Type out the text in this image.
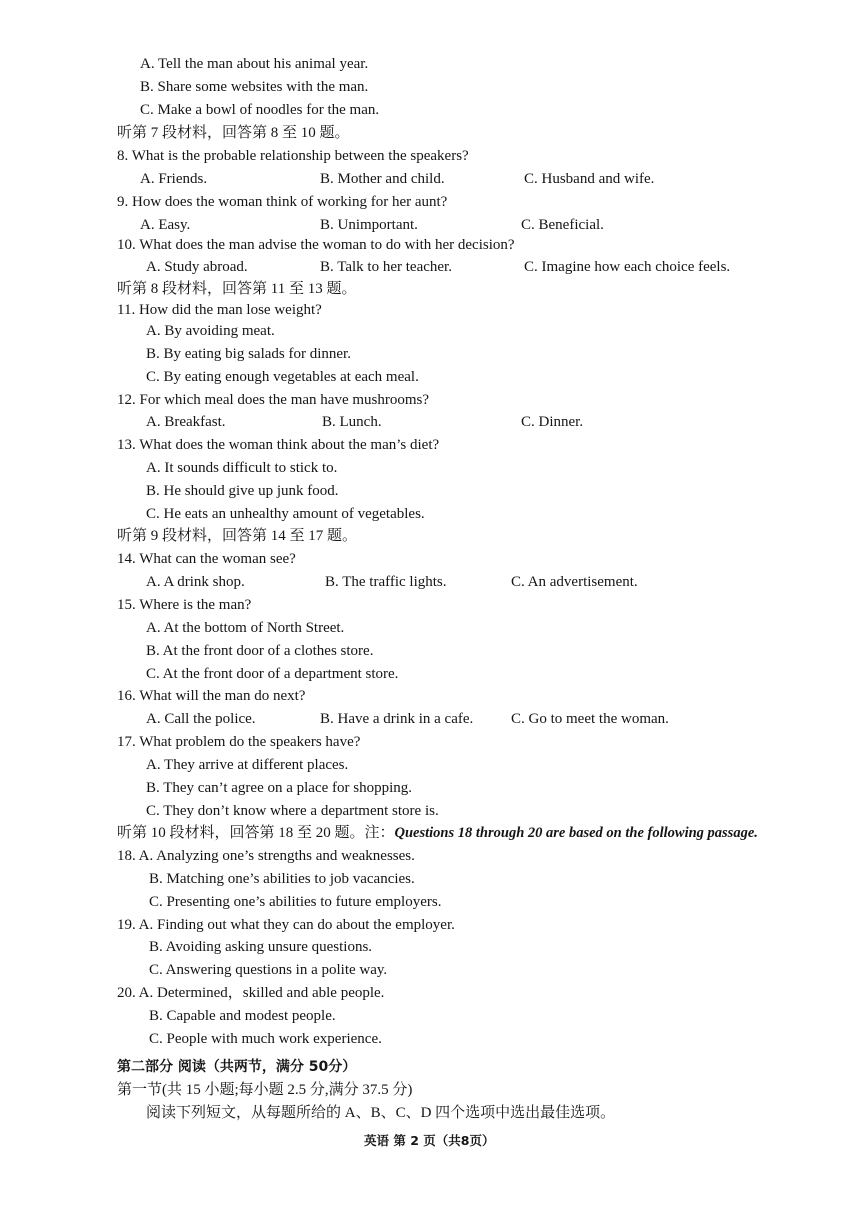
A. Tell the man about his animal year.
B. Share some websites with the man.
C. Make a bowl of noodles for the man.
听第 7 段材料，回答第 8 至 10 题。
8. What is the probable relationship between the speakers?
A. Friends.	B. Mother and child.	C. Husband and wife.
9. How does the woman think of working for her aunt?
A. Easy.	B. Unimportant.	C. Beneficial.
10. What does the man advise the woman to do with her decision?
A. Study abroad.	B. Talk to her teacher.	C. Imagine how each choice feels.
听第 8 段材料，回答第 11 至 13 题。
11. How did the man lose weight?
A. By avoiding meat.
B. By eating big salads for dinner.
C. By eating enough vegetables at each meal.
12. For which meal does the man have mushrooms?
A. Breakfast.	B. Lunch.	C. Dinner.
13. What does the woman think about the man’s diet?
A. It sounds difficult to stick to.
B. He should give up junk food.
C. He eats an unhealthy amount of vegetables.
听第 9 段材料，回答第 14 至 17 题。
14. What can the woman see?
A. A drink shop.	B. The traffic lights.	C. An advertisement.
15. Where is the man?
A. At the bottom of North Street.
B. At the front door of a clothes store.
C. At the front door of a department store.
16. What will the man do next?
A. Call the police.	B. Have a drink in a cafe.	C. Go to meet the woman.
17. What problem do the speakers have?
A. They arrive at different places.
B. They can’t agree on a place for shopping.
C. They don’t know where a department store is.
听第 10 段材料，回答第 18 至 20 题。注：Questions 18 through 20 are based on the following passage.
18. A. Analyzing one’s strengths and weaknesses.
B. Matching one’s abilities to job vacancies.
C. Presenting one’s abilities to future employers.
19. A. Finding out what they can do about the employer.
B. Avoiding asking unsure questions.
C. Answering questions in a polite way.
20. A. Determined，skilled and able people.
B. Capable and modest people.
C. People with much work experience.
第二部分 阅读（共两节，满分 50分）
第一节(共 15 小题;每小题 2.5 分,满分 37.5 分)
阅读下列短文，从每题所给的 A、B、C、D 四个选项中选出最佳选项。
英语 第 2 页（共8页）
